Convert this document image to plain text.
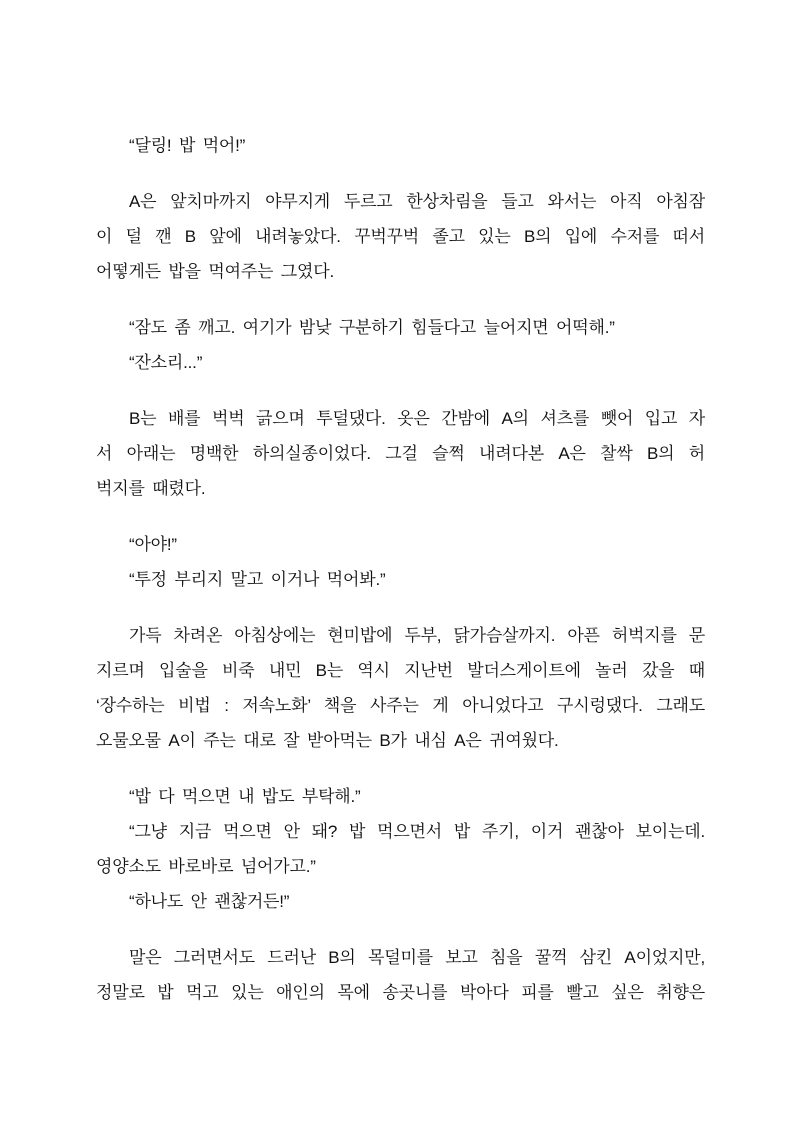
“달링! 밥 먹어!”
A은 앞치마까지 야무지게 두르고 한상차림을 들고 와서는 아직 아침잠
이 덜 깬 B 앞에 내려놓았다. 꾸벅꾸벅 졸고 있는 B의 입에 수저를 떠서
어떻게든 밥을 먹여주는 그였다.
“잠도 좀 깨고. 여기가 밤낮 구분하기 힘들다고 늘어지면 어떡해.”
“잔소리...”
B는 배를 벅벅 긁으며 투덜댔다. 옷은 간밤에 A의 셔츠를 뺏어 입고 자
서 아래는 명백한 하의실종이었다. 그걸 슬쩍 내려다본 A은 찰싹 B의 허
벅지를 때렸다.
“아야!”
“투정 부리지 말고 이거나 먹어봐.”
가득 차려온 아침상에는 현미밥에 두부, 닭가슴살까지. 아픈 허벅지를 문
지르며 입술을 비죽 내민 B는 역시 지난번 발더스게이트에 놀러 갔을 때
‘장수하는 비법 : 저속노화’ 책을 사주는 게 아니었다고 구시렁댔다. 그래도
오물오물 A이 주는 대로 잘 받아먹는 B가 내심 A은 귀여웠다.
“밥 다 먹으면 내 밥도 부탁해.”
“그냥 지금 먹으면 안 돼? 밥 먹으면서 밥 주기, 이거 괜찮아 보이는데.
영양소도 바로바로 넘어가고.”
“하나도 안 괜찮거든!”
말은 그러면서도 드러난 B의 목덜미를 보고 침을 꿀꺽 삼킨 A이었지만,
정말로 밥 먹고 있는 애인의 목에 송곳니를 박아다 피를 빨고 싶은 취향은
